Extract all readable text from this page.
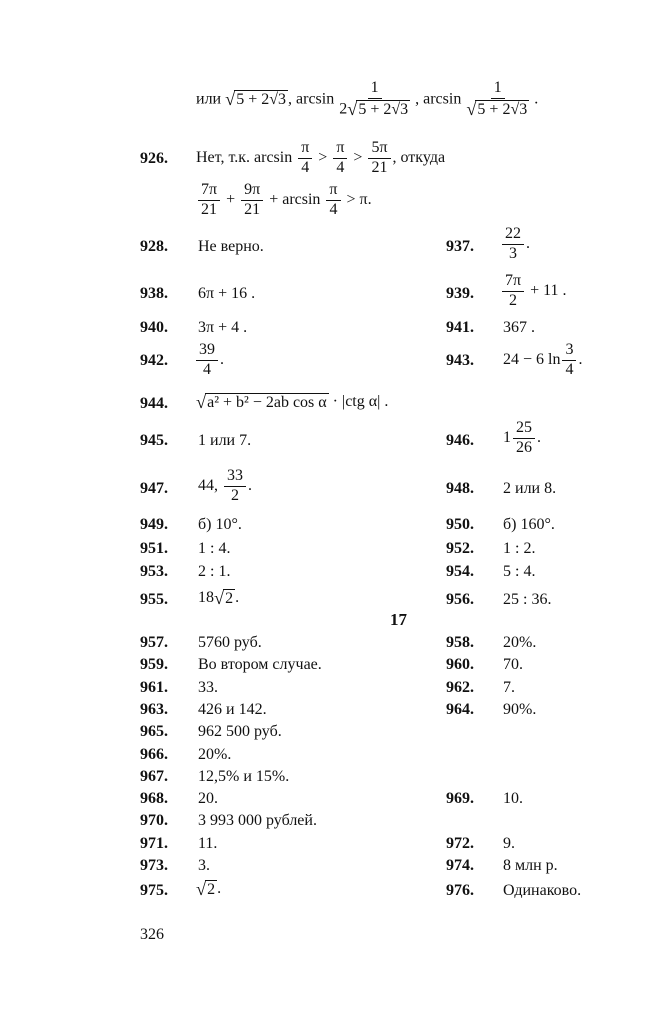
или √ 5 + 2√3 , $\arcsin \frac{1}{2 √ 5 + 2√3}$ , $\arcsin \frac{1}{√ 5 + 2√3}$ .
926. Нет, т.к. $\arcsin \frac{\pi}{4} > \frac{\pi}{4} > \frac{5\pi}{21}$ , откуда
$\frac{7\pi}{21} + \frac{9\pi}{21} + \arcsin \frac{\pi}{4} > \pi$.
928. Не верно.	937. $\frac{22}{3}$ .
938. 6π + 16 .	939. $\frac{7\pi}{2} + 11$ .
940. 3π + 4 .	941. 367 .
942. $\frac{39}{4}$ .	943. 24 − 6 $\ln \frac{3}{4}$ .
944. √ a² + b² − 2ab cos α · |ctg α| .
945. 1 или 7.	946. $1 \frac{25}{26}$ .
947. 44, $\frac{33}{2}$ .	948. 2 или 8.
949. б) 10°.	950. б) 160°.
951. 1 : 4.	952. 1 : 2.
953. 2 : 1.	954. 5 : 4.
955. 18 √ 2 .	956. 25 : 36.
17
957. 5760 руб.	958. 20%.
959. Во втором случае.	960. 70.
961. 33.	962. 7.
963. 426 и 142.	964. 90%.
965. 962 500 руб.
966. 20%.
967. 12,5% и 15%.
968. 20.	969. 10.
970. 3 993 000 рублей.
971. 11.	972. 9.
973. 3.	974. 8 млн р.
975. √ 2 .	976. Одинаково.
326
